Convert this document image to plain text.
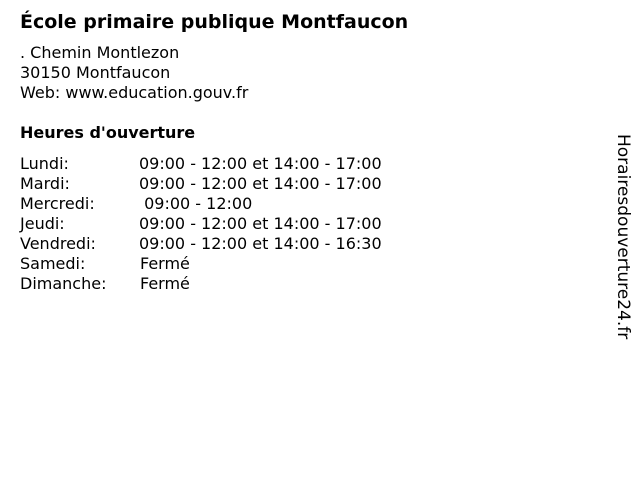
École primaire publique Montfaucon
. Chemin Montlezon
30150 Montfaucon
Web: www.education.gouv.fr
Heures d'ouverture
Lundi:	09:00 - 12:00 et 14:00 - 17:00
Mardi:	09:00 - 12:00 et 14:00 - 17:00
Mercredi:	09:00 - 12:00
Jeudi:	09:00 - 12:00 et 14:00 - 17:00
Vendredi:	09:00 - 12:00 et 14:00 - 16:30
Samedi:	Fermé
Dimanche: Fermé	Horairesdouverture24.fr
